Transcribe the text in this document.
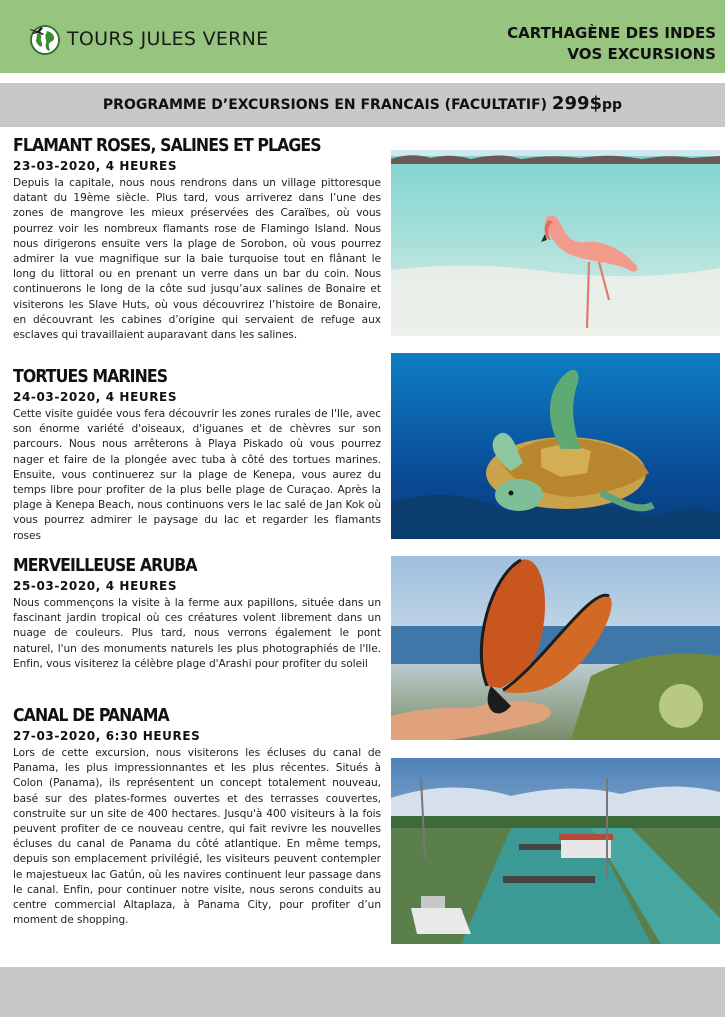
TOURS JULES VERNE	CARTHAGÈNE DES INDES
VOS EXCURSIONS
PROGRAMME D’EXCURSIONS EN FRANCAIS (FACULTATIF) 299$pp
FLAMANT ROSES, SALINES ET PLAGES
23-03-2020, 4 HEURES
Depuis la capitale, nous nous rendrons dans un village pittoresque datant du 19ème siècle. Plus tard, vous arriverez dans l’une des zones de mangrove les mieux préservées des Caraïbes, où vous pourrez voir les nombreux flamants rose de Flamingo Island. Nous nous dirigerons ensuite vers la plage de Sorobon, où vous pourrez admirer la vue magnifique sur la baie turquoise tout en flânant le long du littoral ou en prenant un verre dans un bar du coin. Nous continuerons le long de la côte sud jusqu’aux salines de Bonaire et visiterons les Slave Huts, où vous découvrirez l’histoire de Bonaire, en découvrant les cabines d’origine qui servaient de refuge aux esclaves qui travaillaient auparavant dans les salines.
TORTUES MARINES
24-03-2020, 4 HEURES
Cette visite guidée vous fera découvrir les zones rurales de l'Ile, avec son énorme variété d'oiseaux, d'iguanes et de chèvres sur son parcours. Nous nous arrêterons à Playa Piskado où vous pourrez nager et faire de la plongée avec tuba à côté des tortues marines. Ensuite, vous continuerez sur la plage de Kenepa, vous aurez du temps libre pour profiter de la plus belle plage de Curaçao. Après la plage à Kenepa Beach, nous continuons vers le lac salé de Jan Kok où vous pourrez admirer le paysage du lac et regarder les flamants roses
MERVEILLEUSE ARUBA
25-03-2020, 4 HEURES
Nous commençons la visite à la ferme aux papillons, située dans un fascinant jardin tropical où ces créatures volent librement dans un nuage de couleurs. Plus tard, nous verrons également le pont naturel, l'un des monuments naturels les plus photographiés de l'Ile. Enfin, vous visiterez la célèbre plage d'Arashi pour profiter du soleil
CANAL DE PANAMA
27-03-2020, 6:30 HEURES
Lors de cette excursion, nous visiterons les écluses du canal de Panama, les plus impressionnantes et les plus récentes. Situés à Colon (Panama), ils représentent un concept totalement nouveau, basé sur des plates-formes ouvertes et des terrasses couvertes, construite sur un site de 400 hectares. Jusqu'à 400 visiteurs à la fois peuvent profiter de ce nouveau centre, qui fait revivre les nouvelles écluses du canal de Panama du côté atlantique. En même temps, depuis son emplacement privilégié, les visiteurs peuvent contempler le majestueux lac Gatún, où les navires continuent leur passage dans le canal. Enfin, pour continuer notre visite, nous serons conduits au centre commercial Altaplaza, à Panama City, pour profiter d’un moment de shopping.
